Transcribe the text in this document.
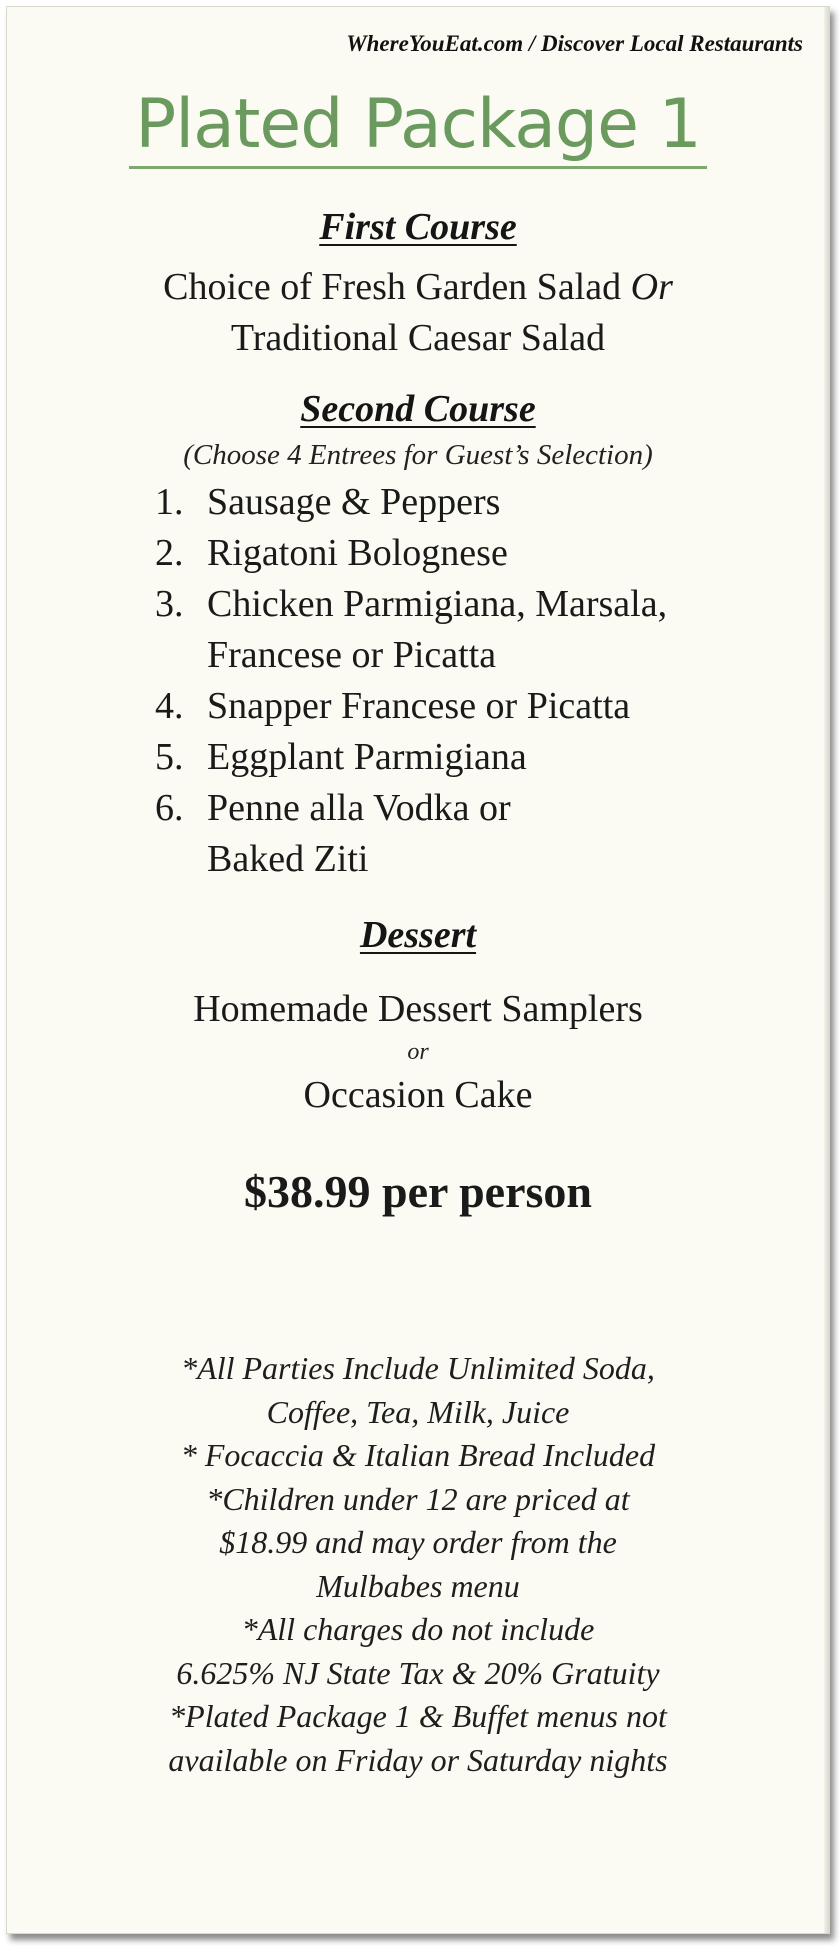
WhereYouEat.com / Discover Local Restaurants
Plated Package 1
First Course
Choice of Fresh Garden Salad Or
Traditional Caesar Salad
Second Course
(Choose 4 Entrees for Guest’s Selection)
1. Sausage & Peppers
2. Rigatoni Bolognese
3. Chicken Parmigiana, Marsala,
Francese or Picatta
4. Snapper Francese or Picatta
5. Eggplant Parmigiana
6. Penne alla Vodka or
Baked Ziti
Dessert
Homemade Dessert Samplers
or
Occasion Cake
$38.99 per person
*All Parties Include Unlimited Soda,
Coffee, Tea, Milk, Juice
* Focaccia & Italian Bread Included
*Children under 12 are priced at
$18.99 and may order from the
Mulbabes menu
*All charges do not include
6.625% NJ State Tax & 20% Gratuity
*Plated Package 1 & Buffet menus not
available on Friday or Saturday nights
